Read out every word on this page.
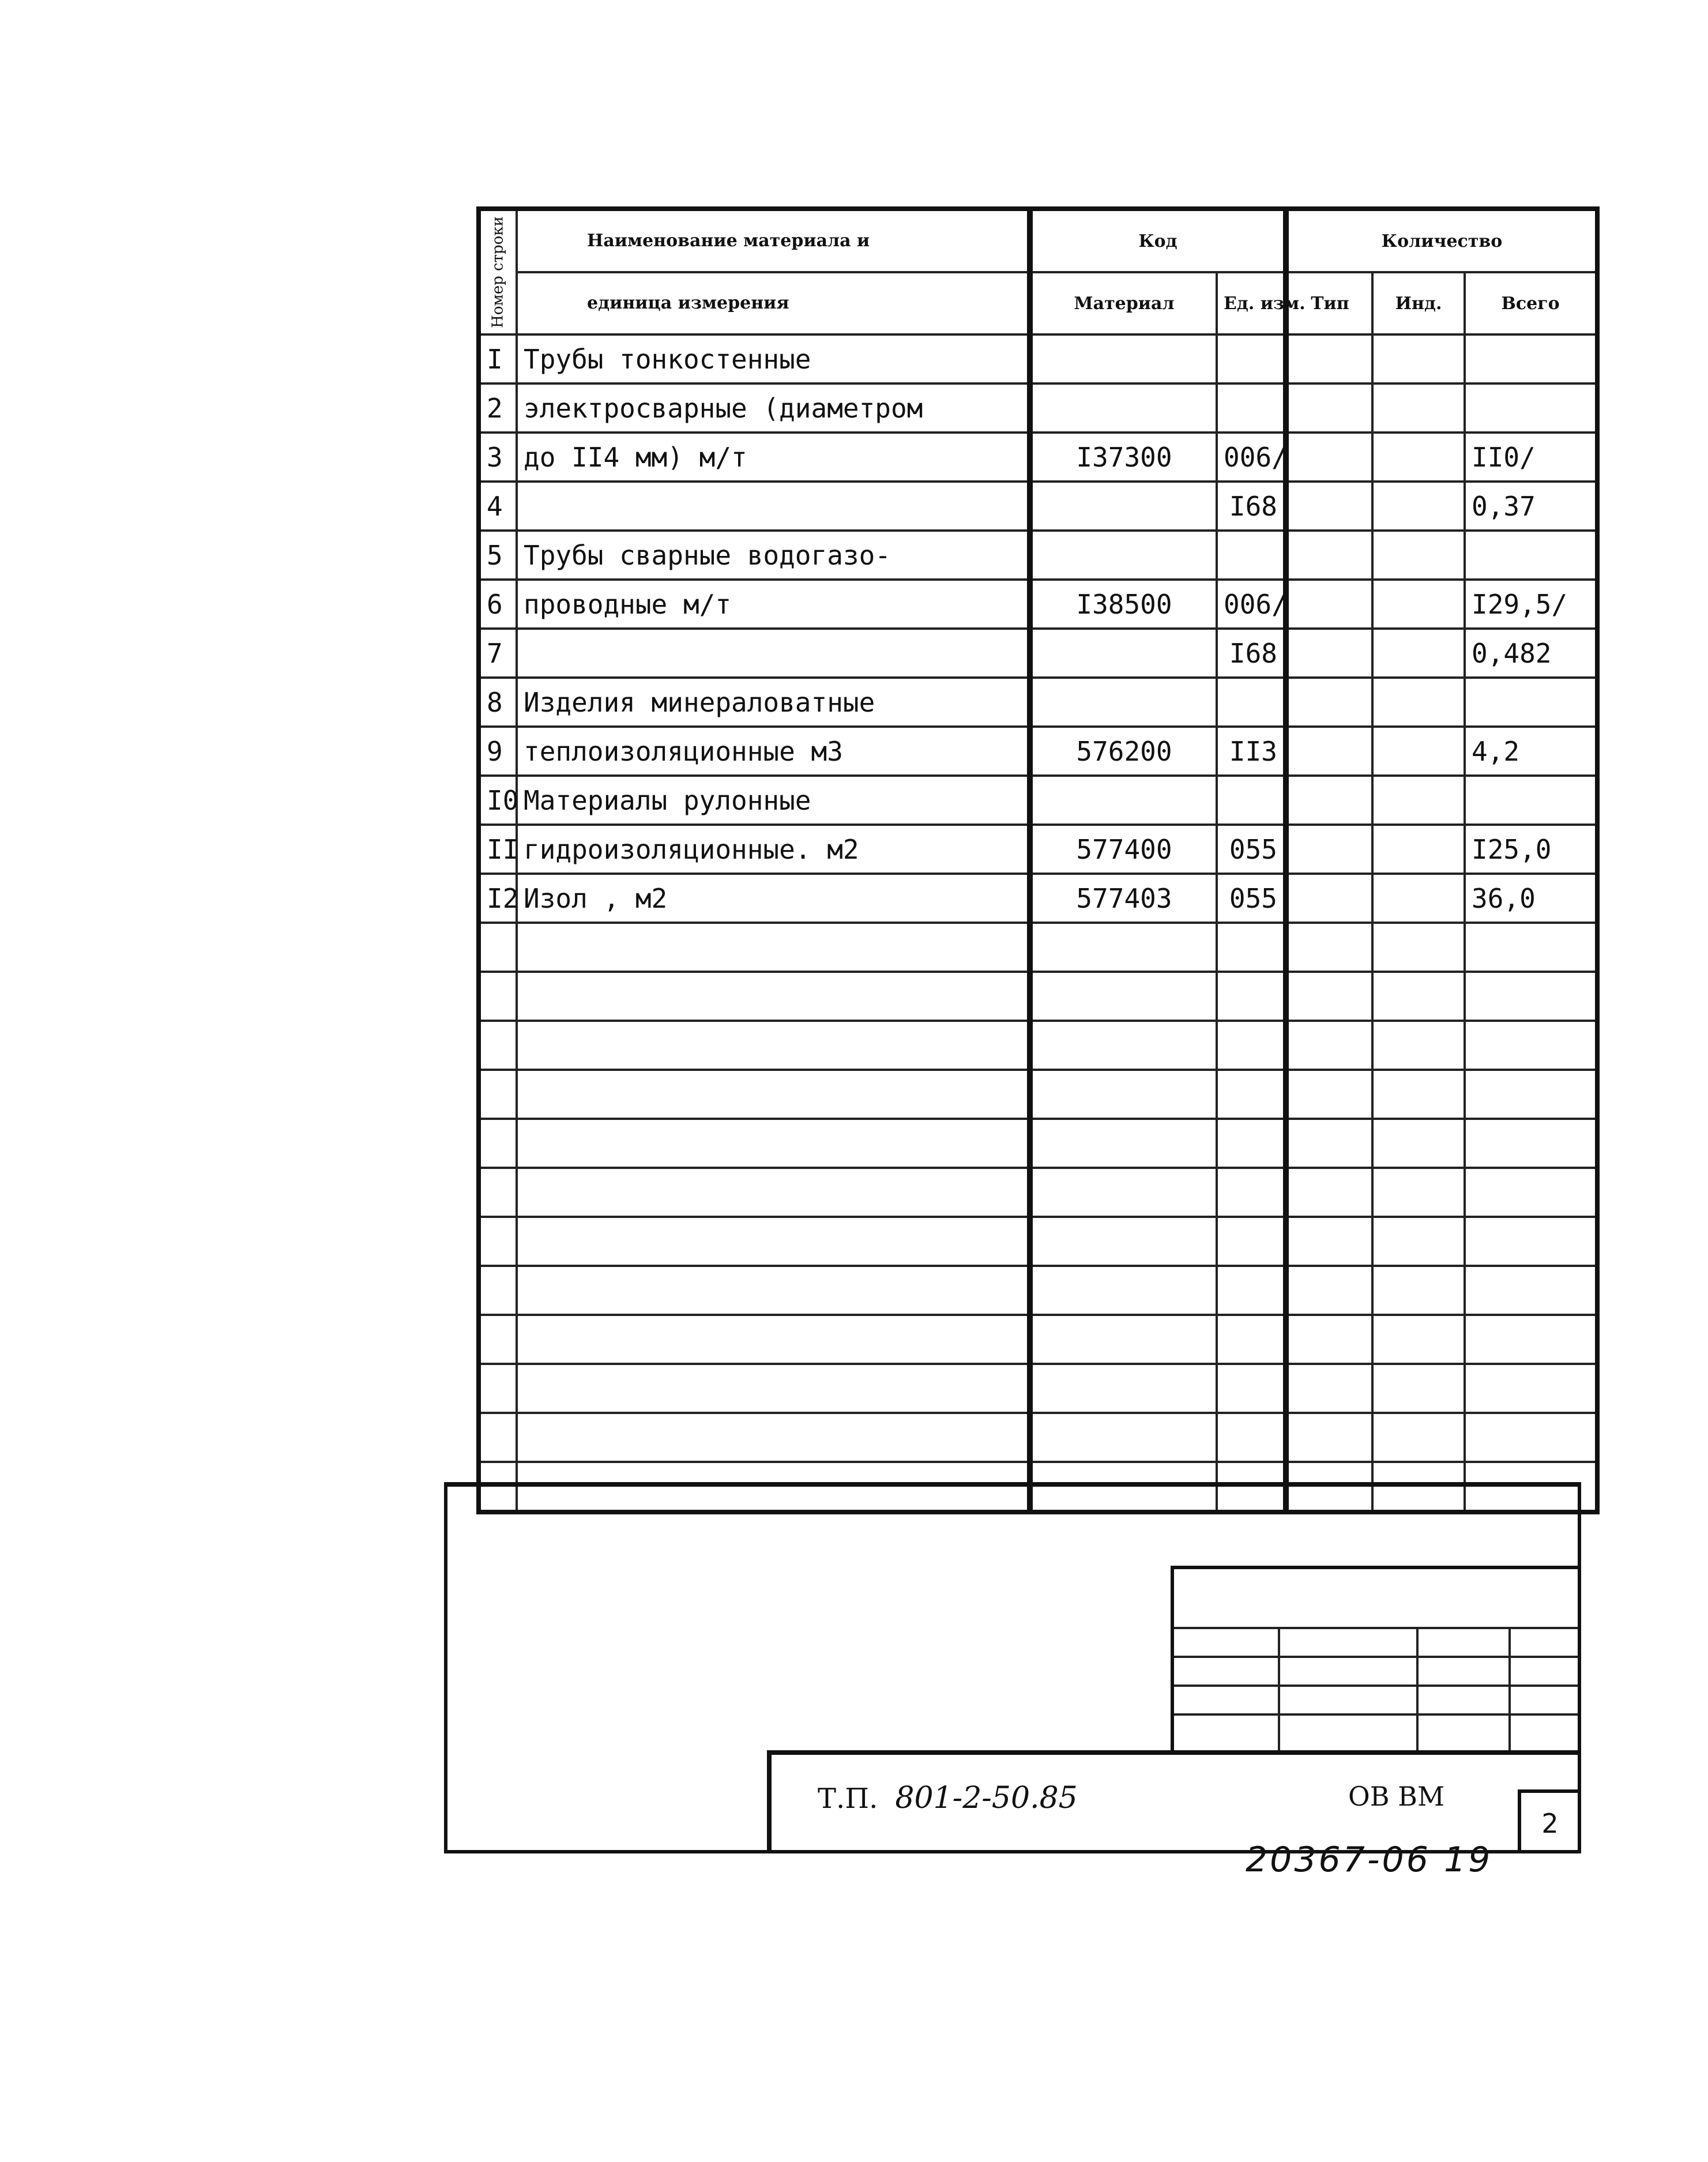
Номер строки	Наименование материала и	Код		Количество		
	единица измерения	Материал	Ед. изм.	Тип	Инд.	Всего
I	Трубы тонкостенные					
2	электросварные (диаметром					
3	до II4 мм) м/т	I37300	006/			II0/
4			I68			0,37
5	Трубы сварные водогазо-					
6	проводные м/т	I38500	006/			I29,5/
7			I68			0,482
8	Изделия минераловатные					
9	теплоизоляционные м3	576200	II3			4,2
I0	Материалы рулонные					
II	гидроизоляционные. м2	577400	055			I25,0
I2	Изол , м2	577403	055			36,0

Т.П. 801-2-50.85	ОВ ВМ
2
20367-06 19
